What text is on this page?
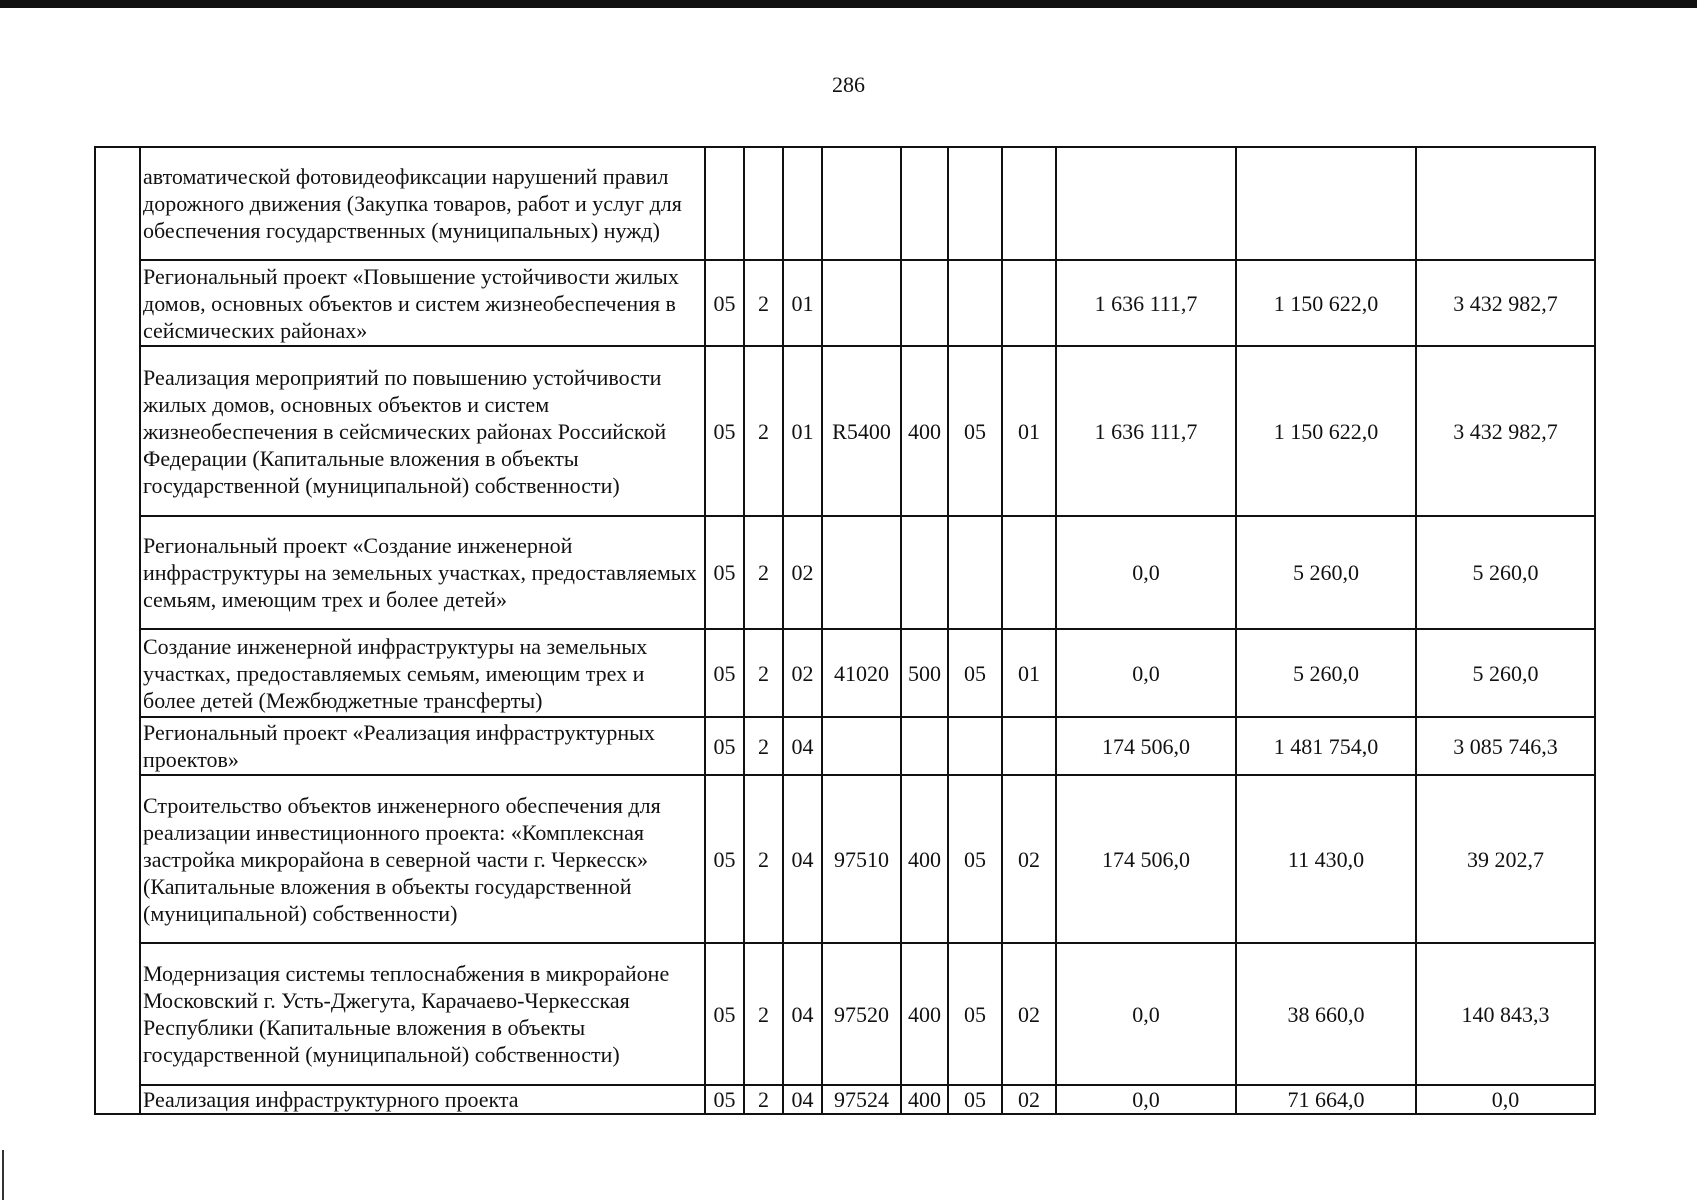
286
	автоматической фотовидеофиксации нарушений правил дорожного движения (Закупка товаров, работ и услуг для обеспечения государственных (муниципальных) нужд)										
	Региональный проект «Повышение устойчивости жилых домов, основных объектов и систем жизнеобеспечения в сейсмических районах»	05	2	01					1 636 111,7	1 150 622,0	3 432 982,7
	Реализация мероприятий по повышению устойчивости жилых домов, основных объектов и систем жизнеобеспечения в сейсмических районах Российской Федерации (Капитальные вложения в объекты государственной (муниципальной) собственности)	05	2	01	R5400	400	05	01	1 636 111,7	1 150 622,0	3 432 982,7
	Региональный проект «Создание инженерной инфраструктуры на земельных участках, предоставляемых семьям, имеющим трех и более детей»	05	2	02					0,0	5 260,0	5 260,0
	Создание инженерной инфраструктуры на земельных участках, предоставляемых семьям, имеющим трех и более детей (Межбюджетные трансферты)	05	2	02	41020	500	05	01	0,0	5 260,0	5 260,0
	Региональный проект «Реализация инфраструктурных проектов»	05	2	04					174 506,0	1 481 754,0	3 085 746,3
	Строительство объектов инженерного обеспечения для реализации инвестиционного проекта: «Комплексная застройка микрорайона в северной части г. Черкесск» (Капитальные вложения в объекты государственной (муниципальной) собственности)	05	2	04	97510	400	05	02	174 506,0	11 430,0	39 202,7
	Модернизация системы теплоснабжения в микрорайоне Московский г. Усть-Джегута, Карачаево-Черкесская Республики (Капитальные вложения в объекты государственной (муниципальной) собственности)	05	2	04	97520	400	05	02	0,0	38 660,0	140 843,3
	Реализация инфраструктурного проекта	05	2	04	97524	400	05	02	0,0	71 664,0	0,0
